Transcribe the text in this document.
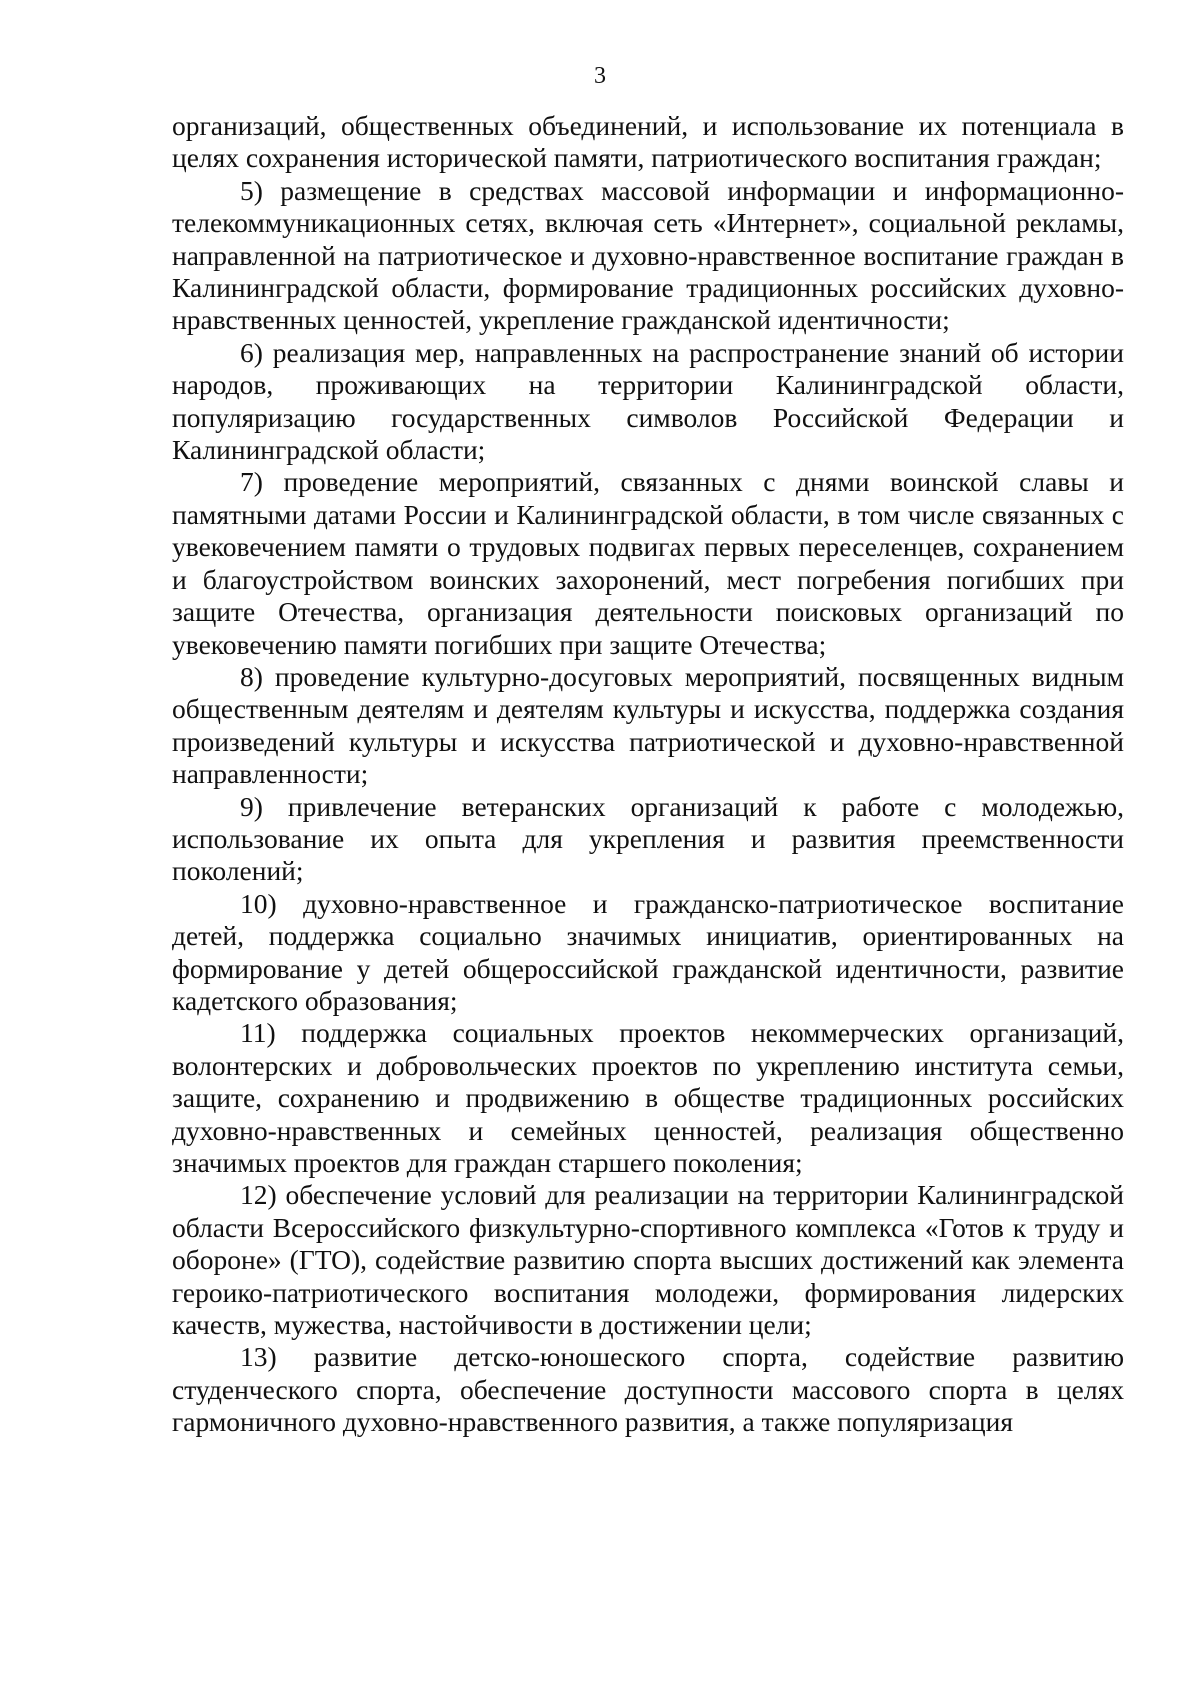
3

организаций, общественных объединений, и использование их потенциала в целях сохранения исторической памяти, патриотического воспитания граждан;

5) размещение в средствах массовой информации и информационно-телекоммуникационных сетях, включая сеть «Интернет», социальной рекламы, направленной на патриотическое и духовно-нравственное воспитание граждан в Калининградской области, формирование традиционных российских духовно-нравственных ценностей, укрепление гражданской идентичности;

6) реализация мер, направленных на распространение знаний об истории народов, проживающих на территории Калининградской области, популяризацию государственных символов Российской Федерации и Калининградской области;

7) проведение мероприятий, связанных с днями воинской славы и памятными датами России и Калининградской области, в том числе связанных с увековечением памяти о трудовых подвигах первых переселенцев, сохранением и благоустройством воинских захоронений, мест погребения погибших при защите Отечества, организация деятельности поисковых организаций по увековечению памяти погибших при защите Отечества;

8) проведение культурно-досуговых мероприятий, посвященных видным общественным деятелям и деятелям культуры и искусства, поддержка создания произведений культуры и искусства патриотической и духовно-нравственной направленности;

9) привлечение ветеранских организаций к работе с молодежью, использование их опыта для укрепления и развития преемственности поколений;

10) духовно-нравственное и гражданско-патриотическое воспитание детей, поддержка социально значимых инициатив, ориентированных на формирование у детей общероссийской гражданской идентичности, развитие кадетского образования;

11) поддержка социальных проектов некоммерческих организаций, волонтерских и добровольческих проектов по укреплению института семьи, защите, сохранению и продвижению в обществе традиционных российских духовно-нравственных и семейных ценностей, реализация общественно значимых проектов для граждан старшего поколения;

12) обеспечение условий для реализации на территории Калининградской области Всероссийского физкультурно-спортивного комплекса «Готов к труду и обороне» (ГТО), содействие развитию спорта высших достижений как элемента героико-патриотического воспитания молодежи, формирования лидерских качеств, мужества, настойчивости в достижении цели;

13) развитие детско-юношеского спорта, содействие развитию студенческого спорта, обеспечение доступности массового спорта в целях гармоничного духовно-нравственного развития, а также популяризация
